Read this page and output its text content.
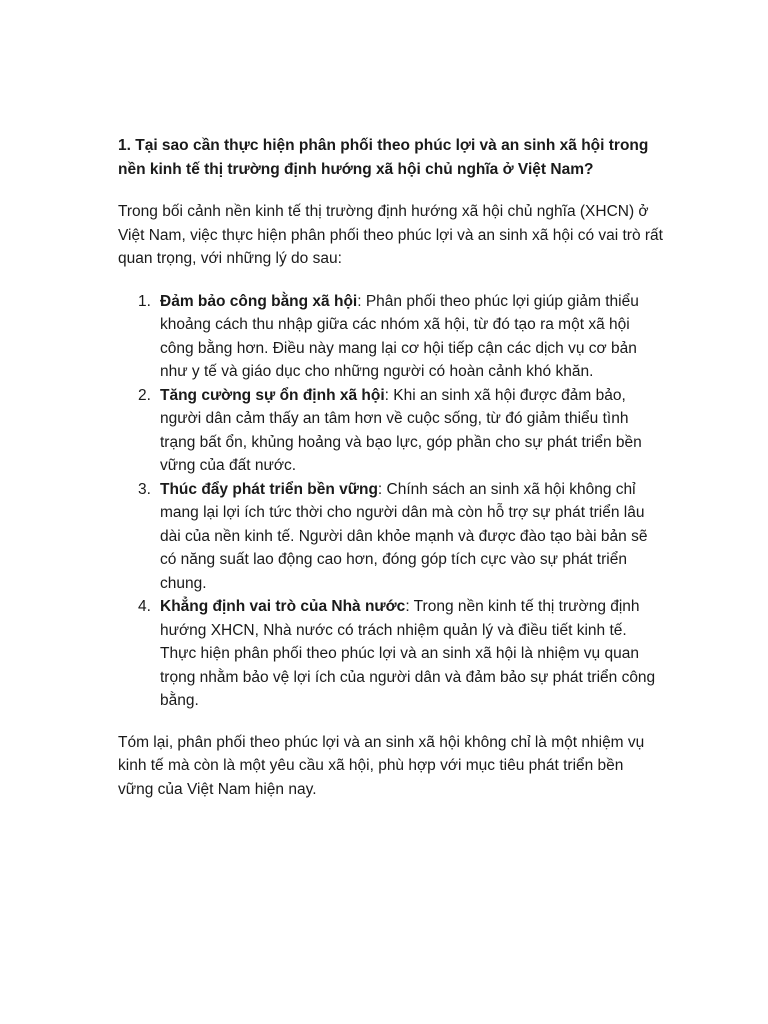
1. Tại sao cần thực hiện phân phối theo phúc lợi và an sinh xã hội trong nền kinh tế thị trường định hướng xã hội chủ nghĩa ở Việt Nam?

Trong bối cảnh nền kinh tế thị trường định hướng xã hội chủ nghĩa (XHCN) ở Việt Nam, việc thực hiện phân phối theo phúc lợi và an sinh xã hội có vai trò rất quan trọng, với những lý do sau:

1. Đảm bảo công bằng xã hội: Phân phối theo phúc lợi giúp giảm thiểu khoảng cách thu nhập giữa các nhóm xã hội, từ đó tạo ra một xã hội công bằng hơn. Điều này mang lại cơ hội tiếp cận các dịch vụ cơ bản như y tế và giáo dục cho những người có hoàn cảnh khó khăn.
2. Tăng cường sự ổn định xã hội: Khi an sinh xã hội được đảm bảo, người dân cảm thấy an tâm hơn về cuộc sống, từ đó giảm thiểu tình trạng bất ổn, khủng hoảng và bạo lực, góp phần cho sự phát triển bền vững của đất nước.
3. Thúc đẩy phát triển bền vững: Chính sách an sinh xã hội không chỉ mang lại lợi ích tức thời cho người dân mà còn hỗ trợ sự phát triển lâu dài của nền kinh tế. Người dân khỏe mạnh và được đào tạo bài bản sẽ có năng suất lao động cao hơn, đóng góp tích cực vào sự phát triển chung.
4. Khẳng định vai trò của Nhà nước: Trong nền kinh tế thị trường định hướng XHCN, Nhà nước có trách nhiệm quản lý và điều tiết kinh tế. Thực hiện phân phối theo phúc lợi và an sinh xã hội là nhiệm vụ quan trọng nhằm bảo vệ lợi ích của người dân và đảm bảo sự phát triển công bằng.

Tóm lại, phân phối theo phúc lợi và an sinh xã hội không chỉ là một nhiệm vụ kinh tế mà còn là một yêu cầu xã hội, phù hợp với mục tiêu phát triển bền vững của Việt Nam hiện nay.
